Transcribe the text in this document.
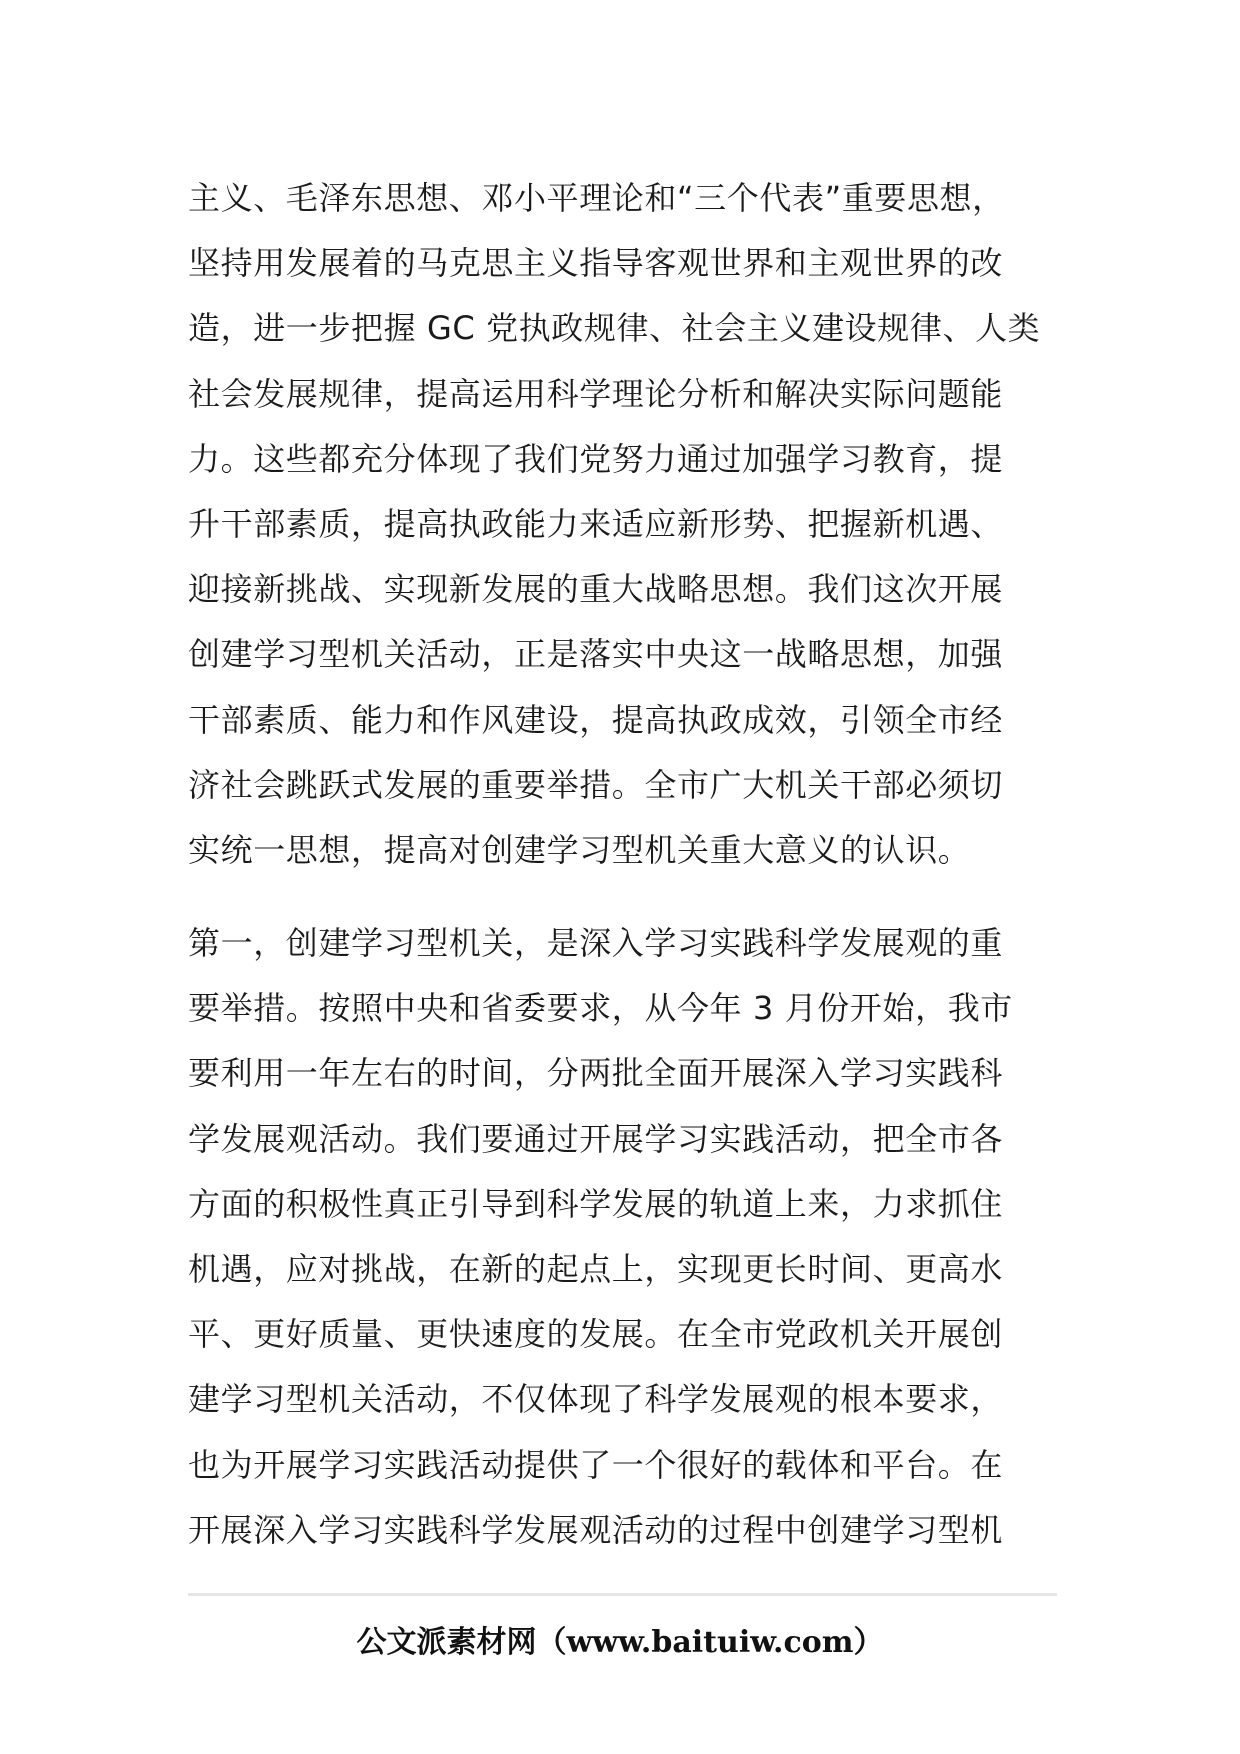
主义、毛泽东思想、邓小平理论和“三个代表”重要思想，
坚持用发展着的马克思主义指导客观世界和主观世界的改
造，进一步把握 GC 党执政规律、社会主义建设规律、人类
社会发展规律，提高运用科学理论分析和解决实际问题能
力。这些都充分体现了我们党努力通过加强学习教育，提
升干部素质，提高执政能力来适应新形势、把握新机遇、
迎接新挑战、实现新发展的重大战略思想。我们这次开展
创建学习型机关活动，正是落实中央这一战略思想，加强
干部素质、能力和作风建设，提高执政成效，引领全市经
济社会跳跃式发展的重要举措。全市广大机关干部必须切
实统一思想，提高对创建学习型机关重大意义的认识。

第一，创建学习型机关，是深入学习实践科学发展观的重
要举措。按照中央和省委要求，从今年 3 月份开始，我市
要利用一年左右的时间，分两批全面开展深入学习实践科
学发展观活动。我们要通过开展学习实践活动，把全市各
方面的积极性真正引导到科学发展的轨道上来，力求抓住
机遇，应对挑战，在新的起点上，实现更长时间、更高水
平、更好质量、更快速度的发展。在全市党政机关开展创
建学习型机关活动，不仅体现了科学发展观的根本要求，
也为开展学习实践活动提供了一个很好的载体和平台。在
开展深入学习实践科学发展观活动的过程中创建学习型机

公文派素材网（www.baituiw.com）
